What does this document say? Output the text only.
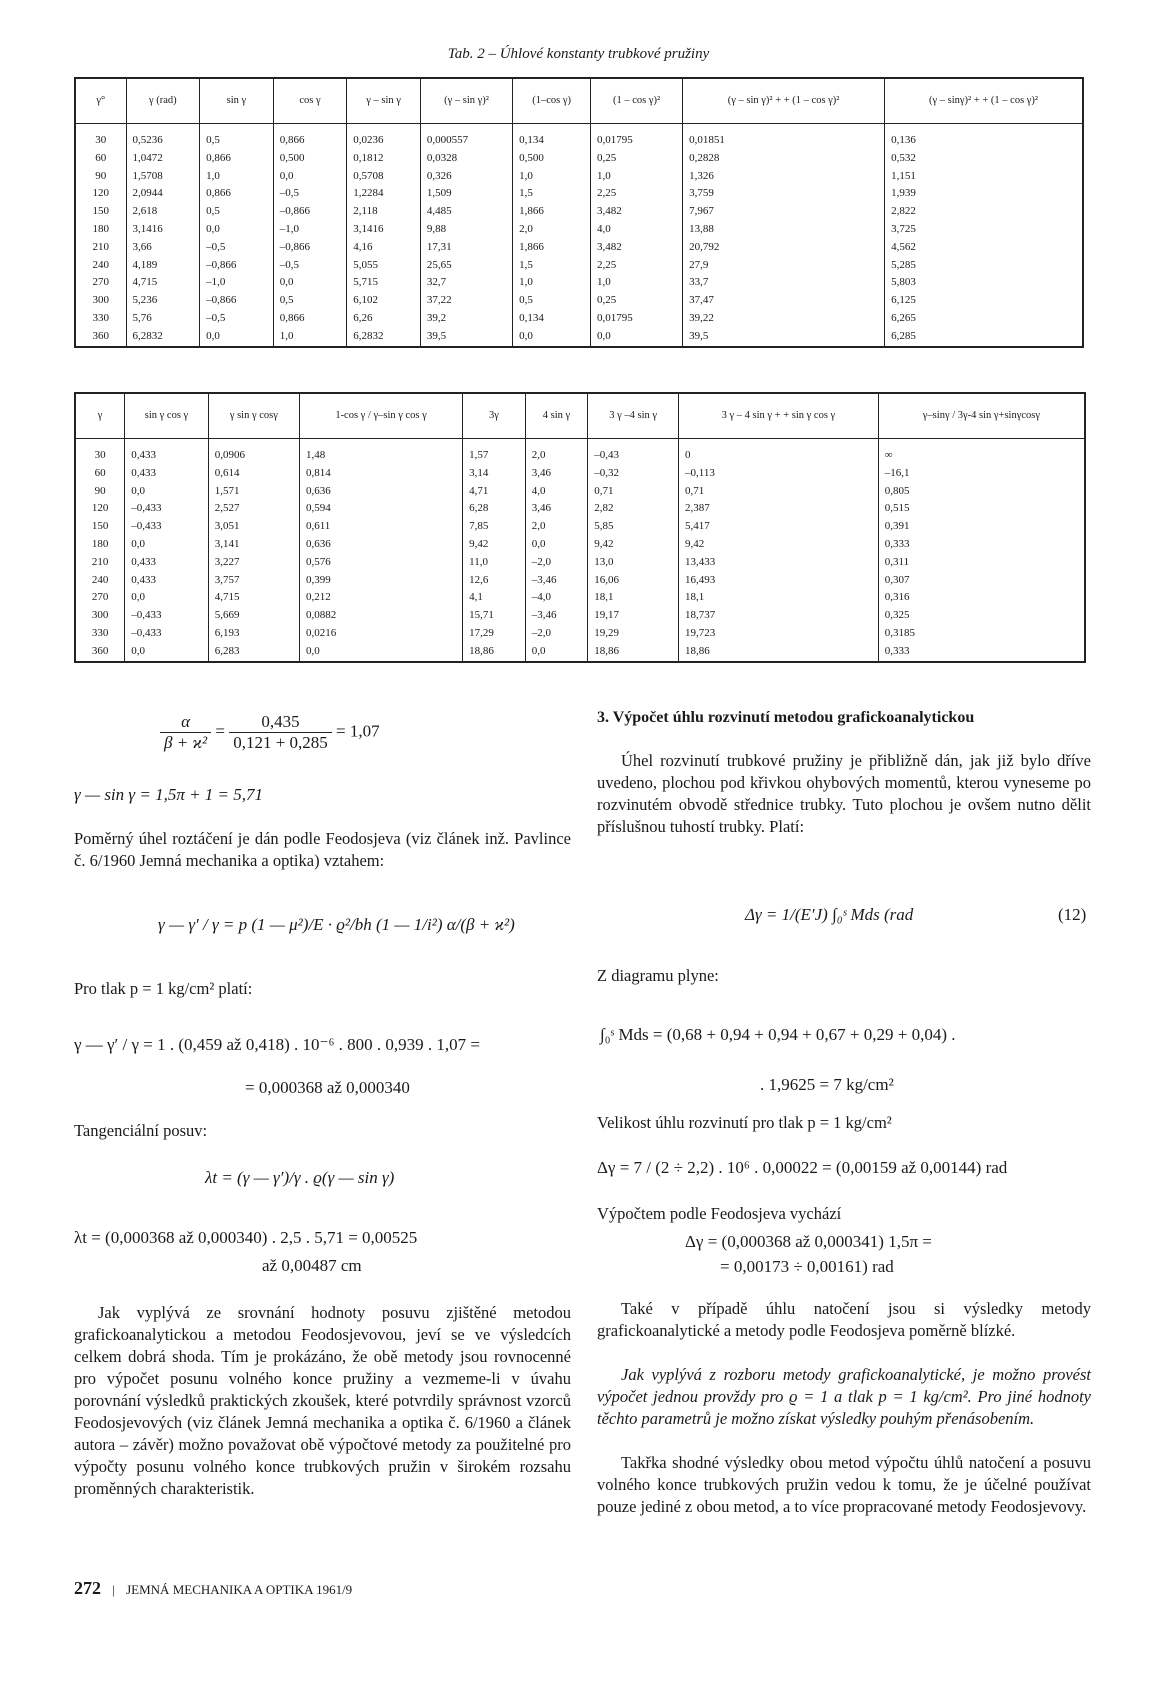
Tab. 2 – Úhlové konstanty trubkové pružiny
γ°	γ (rad)	sin γ	cos γ	γ – sin γ	(γ – sin γ)²	(1–cos γ)	(1 – cos γ)²	(γ – sin γ)² + + (1 – cos γ)²	(γ – sinγ)² + + (1 – cos γ)²
30	0,5236	0,5	0,866	0,0236	0,000557	0,134	0,01795	0,01851	0,136
60	1,0472	0,866	0,500	0,1812	0,0328	0,500	0,25	0,2828	0,532
90	1,5708	1,0	0,0	0,5708	0,326	1,0	1,0	1,326	1,151
120	2,0944	0,866	–0,5	1,2284	1,509	1,5	2,25	3,759	1,939
150	2,618	0,5	–0,866	2,118	4,485	1,866	3,482	7,967	2,822
180	3,1416	0,0	–1,0	3,1416	9,88	2,0	4,0	13,88	3,725
210	3,66	–0,5	–0,866	4,16	17,31	1,866	3,482	20,792	4,562
240	4,189	–0,866	–0,5	5,055	25,65	1,5	2,25	27,9	5,285
270	4,715	–1,0	0,0	5,715	32,7	1,0	1,0	33,7	5,803
300	5,236	–0,866	0,5	6,102	37,22	0,5	0,25	37,47	6,125
330	5,76	–0,5	0,866	6,26	39,2	0,134	0,01795	39,22	6,265
360	6,2832	0,0	1,0	6,2832	39,5	0,0	0,0	39,5	6,285
γ	sin γ cos γ	γ sin γ cosγ	1-cos γ / γ–sin γ cos γ	3γ	4 sin γ	3 γ –4 sin γ	3 γ – 4 sin γ + + sin γ cos γ	γ–sinγ / 3γ-4 sin γ+sinγcosγ
30	0,433	0,0906	1,48	1,57	2,0	–0,43	0	∞
60	0,433	0,614	0,814	3,14	3,46	–0,32	–0,113	–16,1
90	0,0	1,571	0,636	4,71	4,0	0,71	0,71	0,805
120	–0,433	2,527	0,594	6,28	3,46	2,82	2,387	0,515
150	–0,433	3,051	0,611	7,85	2,0	5,85	5,417	0,391
180	0,0	3,141	0,636	9,42	0,0	9,42	9,42	0,333
210	0,433	3,227	0,576	11,0	–2,0	13,0	13,433	0,311
240	0,433	3,757	0,399	12,6	–3,46	16,06	16,493	0,307
270	0,0	4,715	0,212	4,1	–4,0	18,1	18,1	0,316
300	–0,433	5,669	0,0882	15,71	–3,46	19,17	18,737	0,325
330	–0,433	6,193	0,0216	17,29	–2,0	19,29	19,723	0,3185
360	0,0	6,283	0,0	18,86	0,0	18,86	18,86	0,333
$\frac{\alpha}{\text{β + ϰ²}} = \frac{0,435}{0,121 + 0,285} = 1,07$
γ — sin γ = 1,5π + 1 = 5,71

Poměrný úhel roztáčení je dán podle Feodosjeva (viz článek inž. Pavlince č. 6/1960 Jemná mechanika a optika) vztahem:

γ — γ′ / γ = p (1 — μ²)/E · ϱ²/bh (1 — 1/i²) α/(β + ϰ²)

Pro tlak p = 1 kg/cm² platí:

γ — γ′ / γ = 1 . (0,459 až 0,418) . 10⁻⁶ . 800 . 0,939 . 1,07 =
= 0,000368 až 0,000340

Tangenciální posuv:

λt = (γ — γ′)/γ . ϱ(γ — sin γ)
λt = (0,000368 až 0,000340) . 2,5 . 5,71 = 0,00525
až 0,00487 cm

Jak vyplývá ze srovnání hodnoty posuvu zjištěné metodou grafickoanalytickou a metodou Feodosjevovou, jeví se ve výsledcích celkem dobrá shoda. Tím je prokázáno, že obě metody jsou rovnocenné pro výpočet posunu volného konce pružiny a vezmeme-li v úvahu porovnání výsledků praktických zkoušek, které potvrdily správnost vzorců Feodosjevových (viz článek Jemná mechanika a optika č. 6/1960 a článek autora – závěr) možno považovat obě výpočtové metody za použitelné pro výpočty posunu volného konce trubkových pružin v širokém rozsahu proměnných charakteristik.

3. Výpočet úhlu rozvinutí metodou grafickoanalytickou

Úhel rozvinutí trubkové pružiny je přibližně dán, jak již bylo dříve uvedeno, plochou pod křivkou ohybových momentů, kterou vyneseme po rozvinutém obvodě střednice trubky. Tuto plochou je ovšem nutno dělit příslušnou tuhostí trubky. Platí:

Δγ = 1/(E′J) ∫₀ˢ Mds (rad	(12)

Z diagramu plyne:

∫₀ˢ Mds = (0,68 + 0,94 + 0,94 + 0,67 + 0,29 + 0,04) .
. 1,9625 = 7 kg/cm²

Velikost úhlu rozvinutí pro tlak p = 1 kg/cm²

Δγ = 7 / (2 ÷ 2,2) . 10⁶ . 0,00022 = (0,00159 až 0,00144) rad

Výpočtem podle Feodosjeva vychází

Δγ = (0,000368 až 0,000341) 1,5π =
= 0,00173 ÷ 0,00161) rad

Také v případě úhlu natočení jsou si výsledky metody grafickoanalytické a metody podle Feodosjeva poměrně blízké.

Jak vyplývá z rozboru metody grafickoanalytické, je možno provést výpočet jednou provždy pro ϱ = 1 a tlak p = 1 kg/cm². Pro jiné hodnoty těchto parametrů je možno získat výsledky pouhým přenásobením.

Takřka shodné výsledky obou metod výpočtu úhlů natočení a posuvu volného konce trubkových pružin vedou k tomu, že je účelné používat pouze jediné z obou metod, a to více propracované metody Feodosjevovy.

272 | JEMNÁ MECHANIKA A OPTIKA 1961/9
